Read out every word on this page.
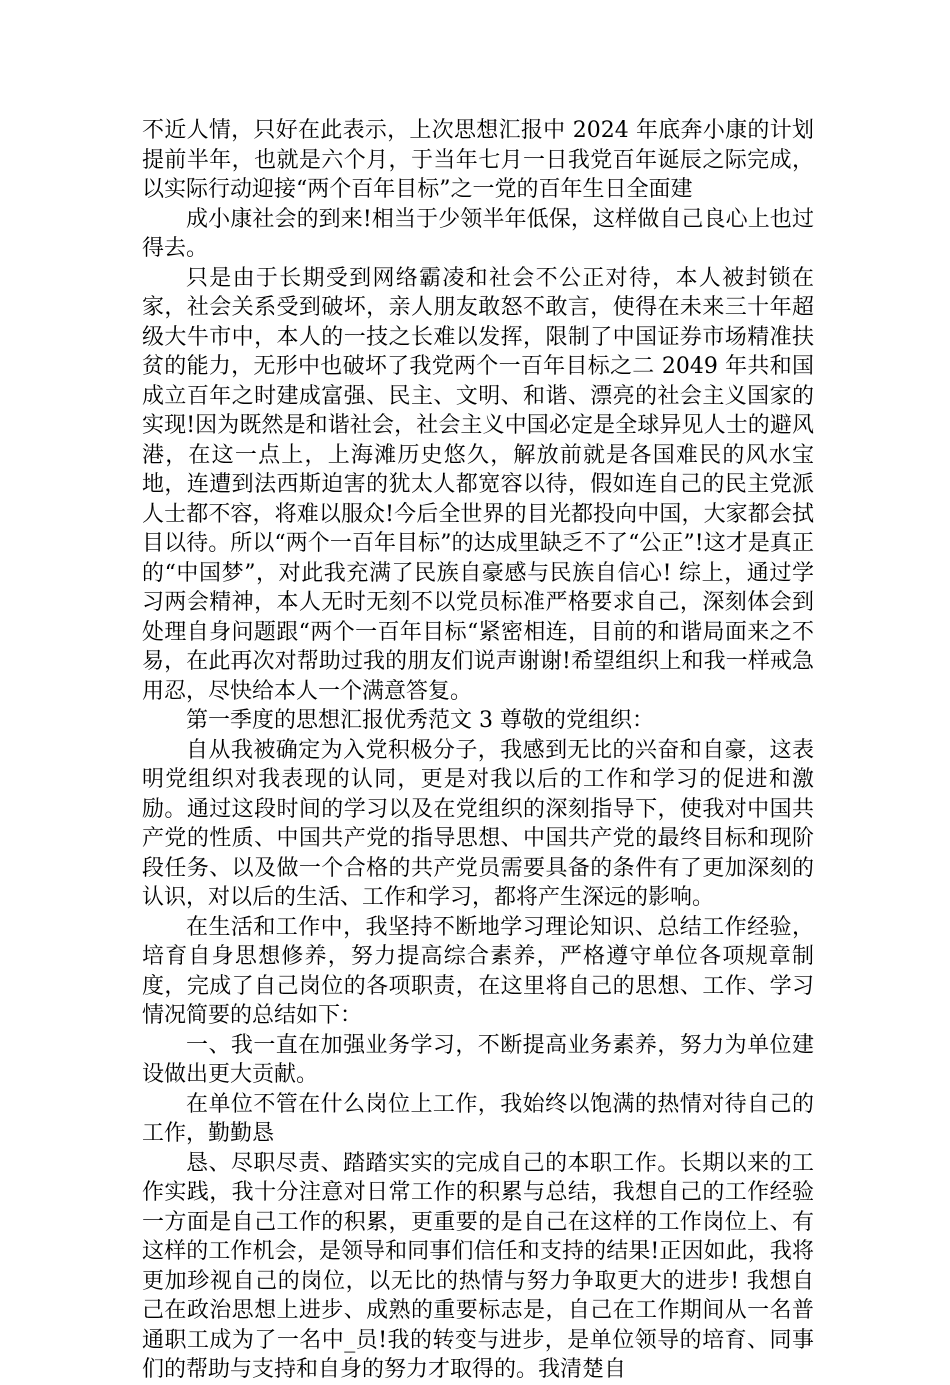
不近人情，只好在此表示，上次思想汇报中 2024 年底奔小康的计划提前半年，也就是六个月，于当年七月一日我党百年诞辰之际完成，以实际行动迎接“两个百年目标”之一党的百年生日全面建

成小康社会的到来!相当于少领半年低保，这样做自己良心上也过得去。

只是由于长期受到网络霸凌和社会不公正对待，本人被封锁在家，社会关系受到破坏，亲人朋友敢怒不敢言，使得在未来三十年超级大牛市中，本人的一技之长难以发挥，限制了中国证券市场精准扶贫的能力，无形中也破坏了我党两个一百年目标之二 2049 年共和国成立百年之时建成富强、民主、文明、和谐、漂亮的社会主义国家的实现!因为既然是和谐社会，社会主义中国必定是全球异见人士的避风港，在这一点上，上海滩历史悠久，解放前就是各国难民的风水宝地，连遭到法西斯迫害的犹太人都宽容以待，假如连自己的民主党派人士都不容，将难以服众!今后全世界的目光都投向中国，大家都会拭目以待。所以“两个一百年目标”的达成里缺乏不了“公正”!这才是真正的“中国梦”，对此我充满了民族自豪感与民族自信心! 综上，通过学习两会精神，本人无时无刻不以党员标准严格要求自己，深刻体会到处理自身问题跟“两个一百年目标“紧密相连，目前的和谐局面来之不易，在此再次对帮助过我的朋友们说声谢谢!希望组织上和我一样戒急用忍，尽快给本人一个满意答复。

第一季度的思想汇报优秀范文 3 尊敬的党组织：

自从我被确定为入党积极分子，我感到无比的兴奋和自豪，这表明党组织对我表现的认同，更是对我以后的工作和学习的促进和激励。通过这段时间的学习以及在党组织的深刻指导下，使我对中国共产党的性质、中国共产党的指导思想、中国共产党的最终目标和现阶段任务、以及做一个合格的共产党员需要具备的条件有了更加深刻的认识，对以后的生活、工作和学习，都将产生深远的影响。

在生活和工作中，我坚持不断地学习理论知识、总结工作经验，培育自身思想修养，努力提高综合素养，严格遵守单位各项规章制度，完成了自己岗位的各项职责，在这里将自己的思想、工作、学习情况简要的总结如下：

一、我一直在加强业务学习，不断提高业务素养，努力为单位建设做出更大贡献。

在单位不管在什么岗位上工作，我始终以饱满的热情对待自己的工作，勤勤恳

恳、尽职尽责、踏踏实实的完成自己的本职工作。长期以来的工作实践，我十分注意对日常工作的积累与总结，我想自己的工作经验一方面是自己工作的积累，更重要的是自己在这样的工作岗位上、有这样的工作机会，是领导和同事们信任和支持的结果!正因如此，我将更加珍视自己的岗位，以无比的热情与努力争取更大的进步! 我想自己在政治思想上进步、成熟的重要标志是，自己在工作期间从一名普通职工成为了一名中_员!我的转变与进步，是单位领导的培育、同事们的帮助与支持和自身的努力才取得的。我清楚自
